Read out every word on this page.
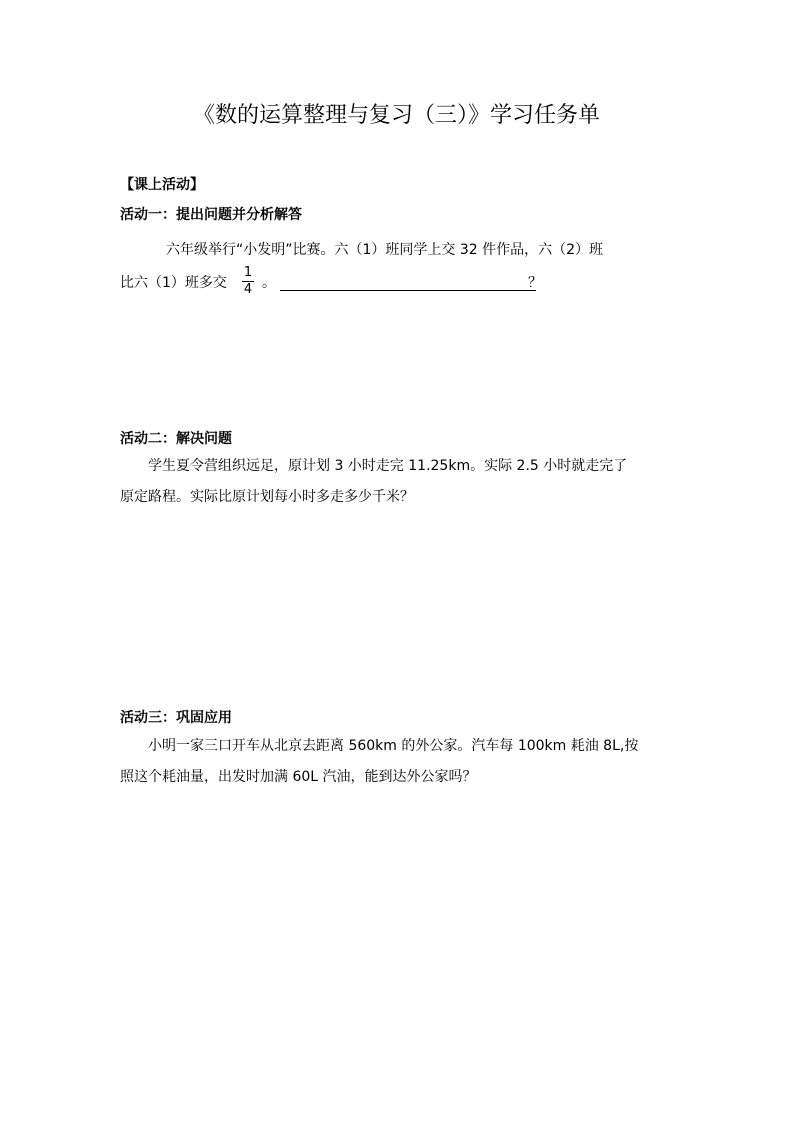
《数的运算整理与复习（三）》学习任务单
【课上活动】
活动一：提出问题并分析解答
六年级举行“小发明”比赛。六（1）班同学上交 32 件作品，六（2）班
比六（1）班多交
1
4 。	？
活动二：解决问题
学生夏令营组织远足，原计划 3 小时走完 11.25km。实际 2.5 小时就走完了
原定路程。实际比原计划每小时多走多少千米？
活动三：巩固应用
小明一家三口开车从北京去距离 560km 的外公家。汽车每 100km 耗油 8L,按
照这个耗油量，出发时加满 60L 汽油，能到达外公家吗？
